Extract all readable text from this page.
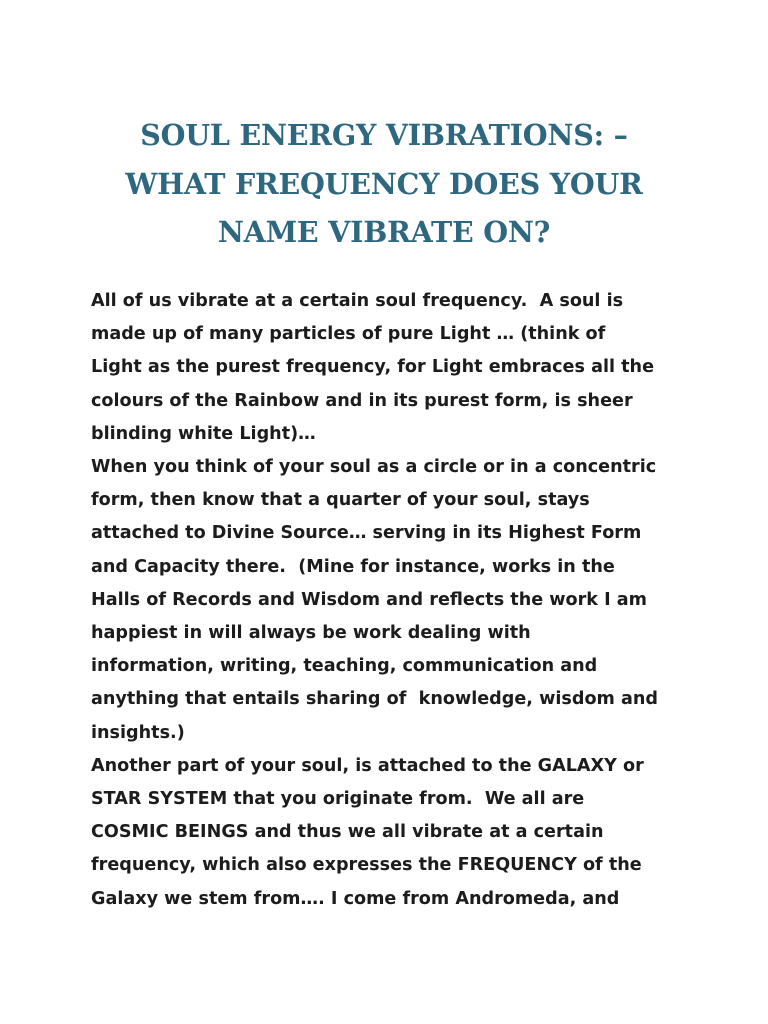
SOUL ENERGY VIBRATIONS: –
WHAT FREQUENCY DOES YOUR
NAME VIBRATE ON?
All of us vibrate at a certain soul frequency.  A soul is
made up of many particles of pure Light … (think of
Light as the purest frequency, for Light embraces all the
colours of the Rainbow and in its purest form, is sheer
blinding white Light)…
When you think of your soul as a circle or in a concentric
form, then know that a quarter of your soul, stays
attached to Divine Source… serving in its Highest Form
and Capacity there.  (Mine for instance, works in the
Halls of Records and Wisdom and reflects the work I am
happiest in will always be work dealing with
information, writing, teaching, communication and
anything that entails sharing of  knowledge, wisdom and
insights.)
Another part of your soul, is attached to the GALAXY or
STAR SYSTEM that you originate from.  We all are
COSMIC BEINGS and thus we all vibrate at a certain
frequency, which also expresses the FREQUENCY of the
Galaxy we stem from…. I come from Andromeda, and
